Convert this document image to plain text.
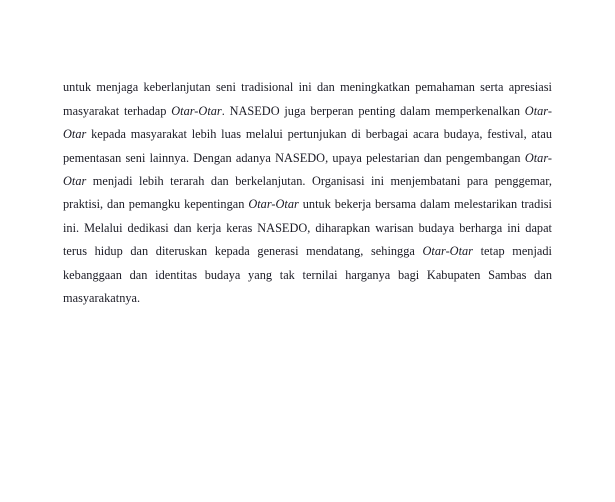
untuk menjaga keberlanjutan seni tradisional ini dan meningkatkan pemahaman serta apresiasi masyarakat terhadap Otar-Otar. NASEDO juga berperan penting dalam memperkenalkan Otar-Otar kepada masyarakat lebih luas melalui pertunjukan di berbagai acara budaya, festival, atau pementasan seni lainnya. Dengan adanya NASEDO, upaya pelestarian dan pengembangan Otar-Otar menjadi lebih terarah dan berkelanjutan. Organisasi ini menjembatani para penggemar, praktisi, dan pemangku kepentingan Otar-Otar untuk bekerja bersama dalam melestarikan tradisi ini. Melalui dedikasi dan kerja keras NASEDO, diharapkan warisan budaya berharga ini dapat terus hidup dan diteruskan kepada generasi mendatang, sehingga Otar-Otar tetap menjadi kebanggaan dan identitas budaya yang tak ternilai harganya bagi Kabupaten Sambas dan masyarakatnya.
